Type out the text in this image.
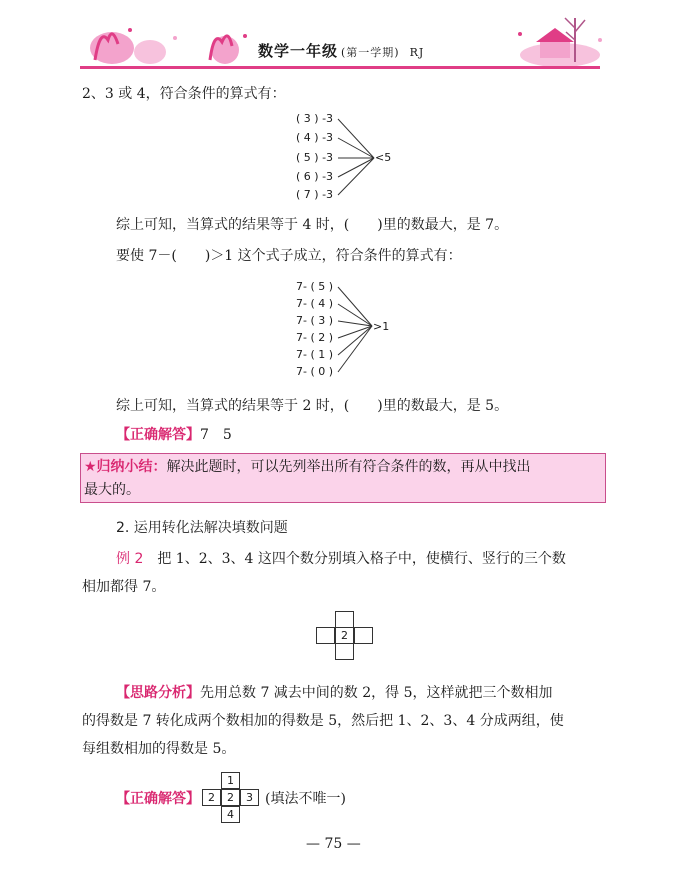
数学一年级 (第一学期) RJ
2、3 或 4，符合条件的算式有：
( 3 ) -3
( 4 ) -3
( 5 ) -3
( 6 ) -3
( 7 ) -3
<5
综上可知，当算式的结果等于 4 时，(　　)里的数最大，是 7。
要使 7－(　　)＞1 这个式子成立，符合条件的算式有：
7- ( 5 )
7- ( 4 )
7- ( 3 )
7- ( 2 )
7- ( 1 )
7- ( 0 )
>1
综上可知，当算式的结果等于 2 时，(　　)里的数最大，是 5。
【正确解答】7　5
★归纳小结：解决此题时，可以先列举出所有符合条件的数，再从中找出
最大的。
2. 运用转化法解决填数问题
例 2　 把 1、2、3、4 这四个数分别填入格子中，使横行、竖行的三个数
相加都得 7。
2
【思路分析】先用总数 7 减去中间的数 2，得 5，这样就把三个数相加
的得数是 7 转化成两个数相加的得数是 5，然后把 1、2、3、4 分成两组，使
每组数相加的得数是 5。
【正确解答】
1
2	2	3
4
(填法不唯一)
— 75 —
